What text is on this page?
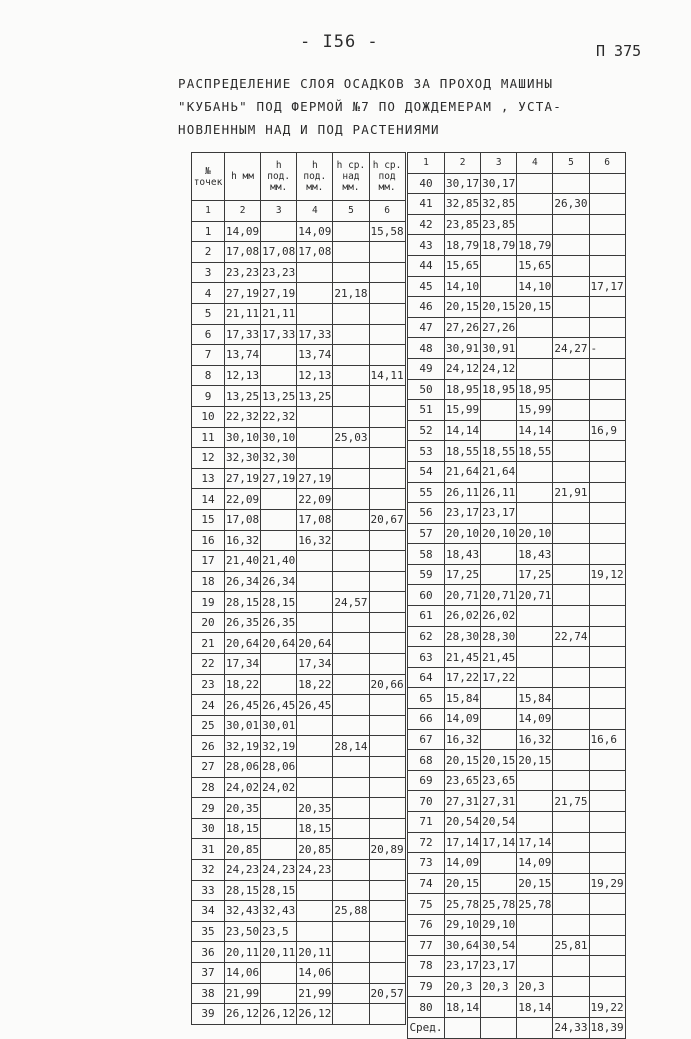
- I56 -	П 375
РАСПРЕДЕЛЕНИЕ СЛОЯ ОСАДКОВ ЗА ПРОХОД МАШИНЫ
"КУБАНЬ" ПОД ФЕРМОЙ №7 ПО ДОЖДЕМЕРАМ , УСТА-
НОВЛЕННЫМ НАД И ПОД РАСТЕНИЯМИ
№ точек	h мм	h под. мм.	h под. мм.	h ср. над мм.	h ср. под мм.
1	2	3	4	5	6
1	14,09		14,09		15,58
2	17,08	17,08	17,08		
3	23,23	23,23			
4	27,19	27,19		21,18	
5	21,11	21,11			
6	17,33	17,33	17,33		
7	13,74		13,74		
8	12,13		12,13		14,11
9	13,25	13,25	13,25		
10	22,32	22,32			
11	30,10	30,10		25,03	
12	32,30	32,30			
13	27,19	27,19	27,19		
14	22,09		22,09		
15	17,08		17,08		20,67
16	16,32		16,32		
17	21,40	21,40			
18	26,34	26,34			
19	28,15	28,15		24,57	
20	26,35	26,35			
21	20,64	20,64	20,64		
22	17,34		17,34		
23	18,22		18,22		20,66
24	26,45	26,45	26,45		
25	30,01	30,01			
26	32,19	32,19		28,14	
27	28,06	28,06			
28	24,02	24,02			
29	20,35		20,35		
30	18,15		18,15		
31	20,85		20,85		20,89
32	24,23	24,23	24,23		
33	28,15	28,15			
34	32,43	32,43		25,88	
35	23,50	23,5			
36	20,11	20,11	20,11		
37	14,06		14,06		
38	21,99		21,99		20,57
39	26,12	26,12	26,12		
1	2	3	4	5	6
40	30,17	30,17			
41	32,85	32,85		26,30	
42	23,85	23,85			
43	18,79	18,79	18,79		
44	15,65		15,65		
45	14,10		14,10		17,17
46	20,15	20,15	20,15		
47	27,26	27,26			
48	30,91	30,91		24,27	-
49	24,12	24,12			
50	18,95	18,95	18,95		
51	15,99		15,99		
52	14,14		14,14		16,9
53	18,55	18,55	18,55		
54	21,64	21,64			
55	26,11	26,11		21,91	
56	23,17	23,17			
57	20,10	20,10	20,10		
58	18,43		18,43		
59	17,25		17,25		19,12
60	20,71	20,71	20,71		
61	26,02	26,02			
62	28,30	28,30		22,74	
63	21,45	21,45			
64	17,22	17,22			
65	15,84		15,84		
66	14,09		14,09		
67	16,32		16,32		16,6
68	20,15	20,15	20,15		
69	23,65	23,65			
70	27,31	27,31		21,75	
71	20,54	20,54			
72	17,14	17,14	17,14		
73	14,09		14,09		
74	20,15		20,15		19,29
75	25,78	25,78	25,78		
76	29,10	29,10			
77	30,64	30,54		25,81	
78	23,17	23,17			
79	20,3	20,3	20,3		
80	18,14		18,14		19,22
Сред.				24,33	18,39
